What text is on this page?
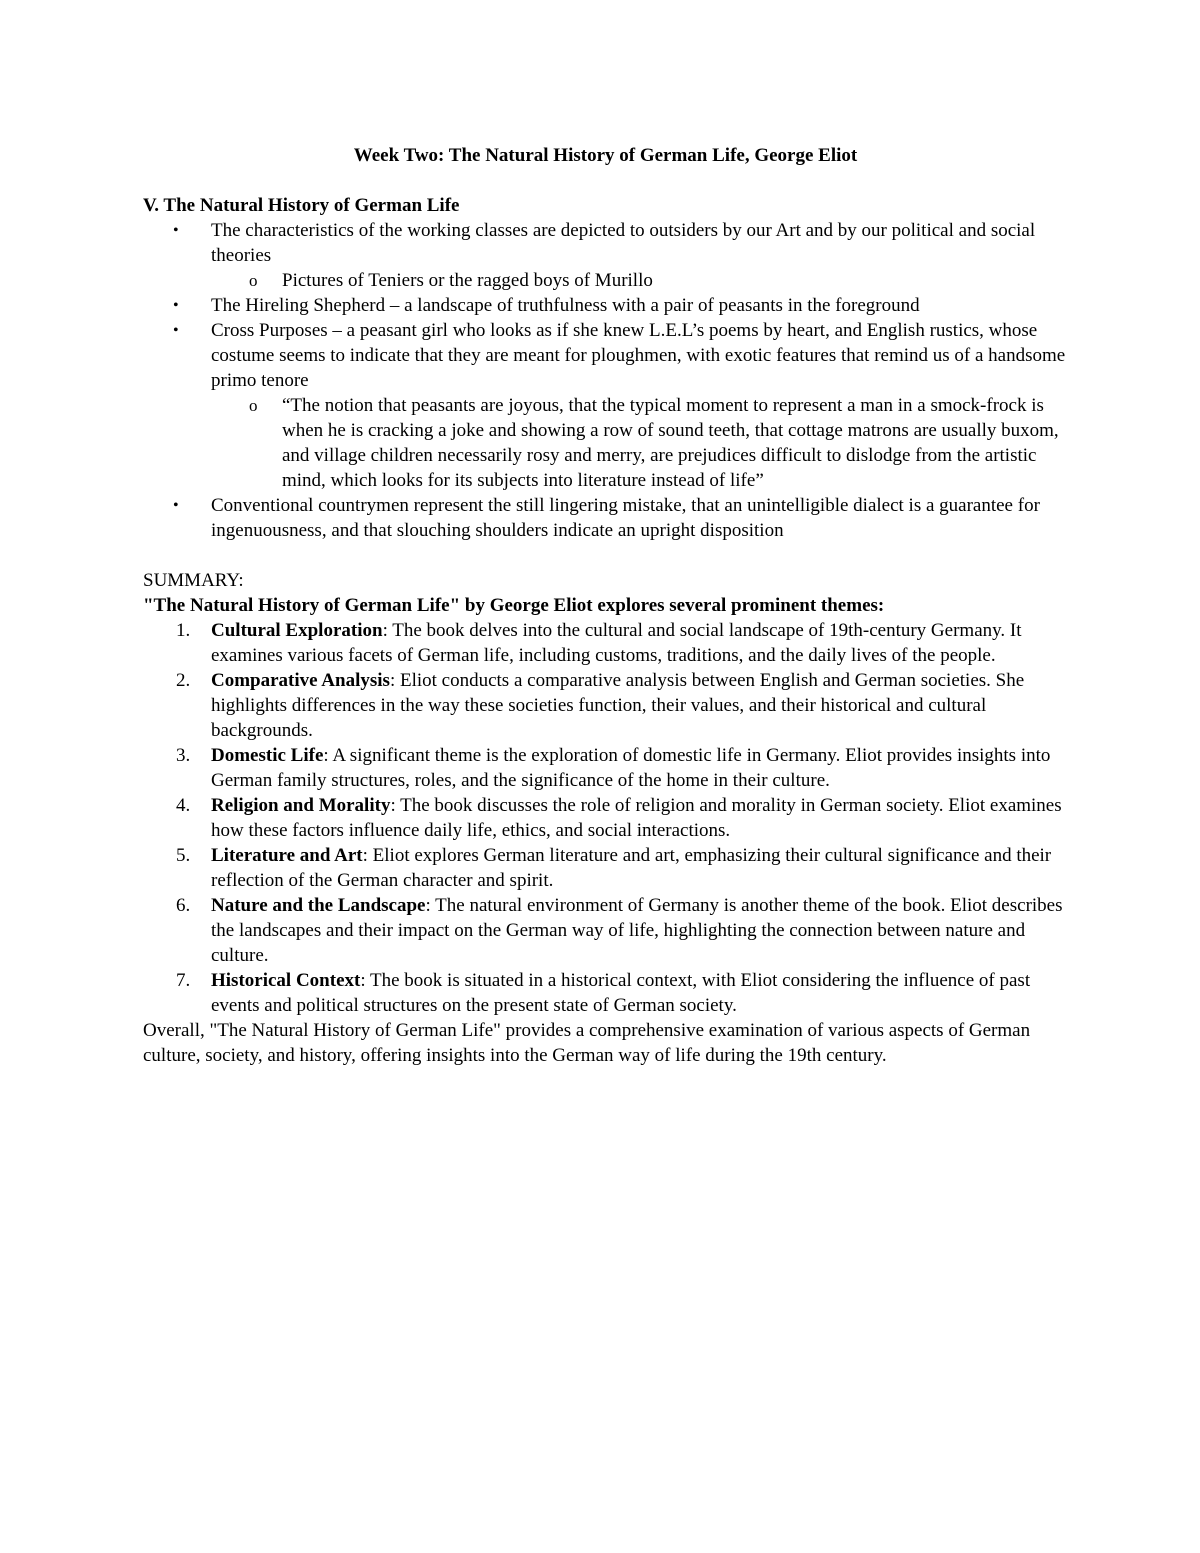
Week Two: The Natural History of German Life, George Eliot
V. The Natural History of German Life
• The characteristics of the working classes are depicted to outsiders by our Art and by our political and social theories
o Pictures of Teniers or the ragged boys of Murillo
• The Hireling Shepherd – a landscape of truthfulness with a pair of peasants in the foreground
• Cross Purposes – a peasant girl who looks as if she knew L.E.L’s poems by heart, and English rustics, whose costume seems to indicate that they are meant for ploughmen, with exotic features that remind us of a handsome primo tenore
o “The notion that peasants are joyous, that the typical moment to represent a man in a smock-frock is when he is cracking a joke and showing a row of sound teeth, that cottage matrons are usually buxom, and village children necessarily rosy and merry, are prejudices difficult to dislodge from the artistic mind, which looks for its subjects into literature instead of life”
• Conventional countrymen represent the still lingering mistake, that an unintelligible dialect is a guarantee for ingenuousness, and that slouching shoulders indicate an upright disposition
SUMMARY:
"The Natural History of German Life" by George Eliot explores several prominent themes:
1. Cultural Exploration: The book delves into the cultural and social landscape of 19th-century Germany. It examines various facets of German life, including customs, traditions, and the daily lives of the people.
2. Comparative Analysis: Eliot conducts a comparative analysis between English and German societies. She highlights differences in the way these societies function, their values, and their historical and cultural backgrounds.
3. Domestic Life: A significant theme is the exploration of domestic life in Germany. Eliot provides insights into German family structures, roles, and the significance of the home in their culture.
4. Religion and Morality: The book discusses the role of religion and morality in German society. Eliot examines how these factors influence daily life, ethics, and social interactions.
5. Literature and Art: Eliot explores German literature and art, emphasizing their cultural significance and their reflection of the German character and spirit.
6. Nature and the Landscape: The natural environment of Germany is another theme of the book. Eliot describes the landscapes and their impact on the German way of life, highlighting the connection between nature and culture.
7. Historical Context: The book is situated in a historical context, with Eliot considering the influence of past events and political structures on the present state of German society.
Overall, "The Natural History of German Life" provides a comprehensive examination of various aspects of German culture, society, and history, offering insights into the German way of life during the 19th century.
